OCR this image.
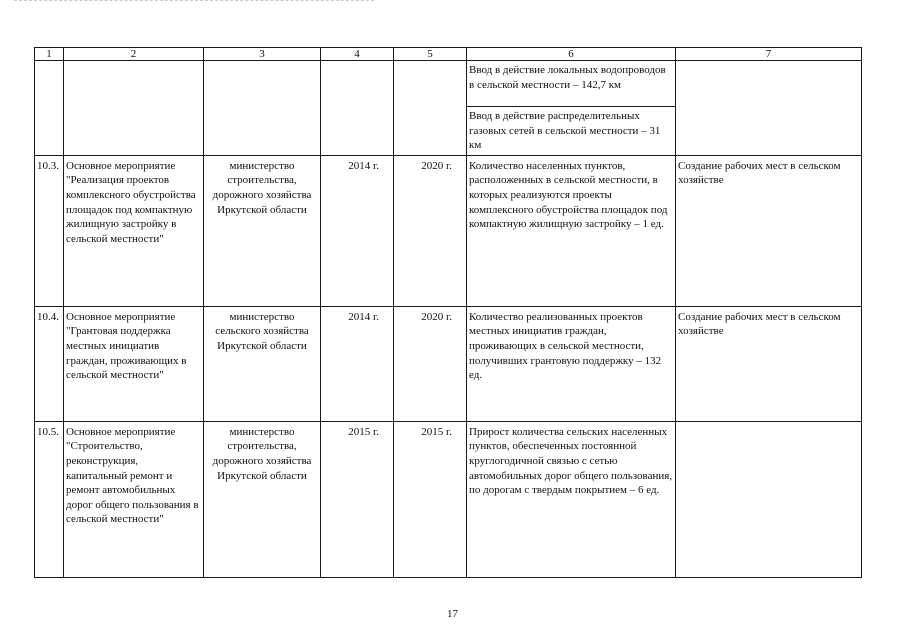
1	2	3	4	5	6	7
					Ввод в действие локальных водопроводов в сельской местности – 142,7 км	
					Ввод в действие распределительных газовых сетей в сельской местности – 31 км	
10.3.	Основное мероприятие "Реализация проектов комплексного обустройства площадок под компактную жилищную застройку в сельской местности"	министерство строительства, дорожного хозяйства Иркутской области	2014 г.	2020 г.	Количество населенных пунктов, расположенных в сельской местности, в которых реализуются проекты комплексного обустройства площадок под компактную жилищную застройку – 1 ед.	Создание рабочих мест в сельском хозяйстве
10.4.	Основное мероприятие "Грантовая поддержка местных инициатив граждан, проживающих в сельской местности"	министерство сельского хозяйства Иркутской области	2014 г.	2020 г.	Количество реализованных проектов местных инициатив граждан, проживающих в сельской местности, получивших грантовую поддержку – 132 ед.	Создание рабочих мест в сельском хозяйстве
10.5.	Основное мероприятие "Строительство, реконструкция, капитальный ремонт и ремонт автомобильных дорог общего пользования в сельской местности"	министерство строительства, дорожного хозяйства Иркутской области	2015 г.	2015 г.	Прирост количества сельских населенных пунктов, обеспеченных постоянной круглогодичной связью с сетью автомобильных дорог общего пользования, по дорогам с твердым покрытием – 6 ед.	
17
